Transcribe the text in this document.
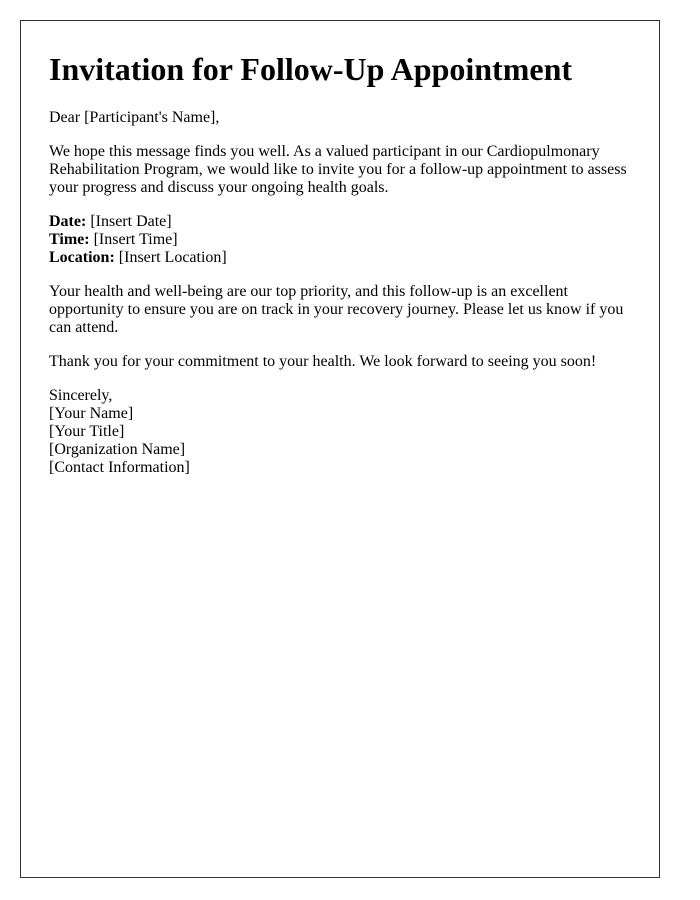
Invitation for Follow-Up Appointment

Dear [Participant's Name],

We hope this message finds you well. As a valued participant in our Cardiopulmonary Rehabilitation Program, we would like to invite you for a follow-up appointment to assess your progress and discuss your ongoing health goals.

Date: [Insert Date]
Time: [Insert Time]
Location: [Insert Location]

Your health and well-being are our top priority, and this follow-up is an excellent opportunity to ensure you are on track in your recovery journey. Please let us know if you can attend.

Thank you for your commitment to your health. We look forward to seeing you soon!

Sincerely,
[Your Name]
[Your Title]
[Organization Name]
[Contact Information]
